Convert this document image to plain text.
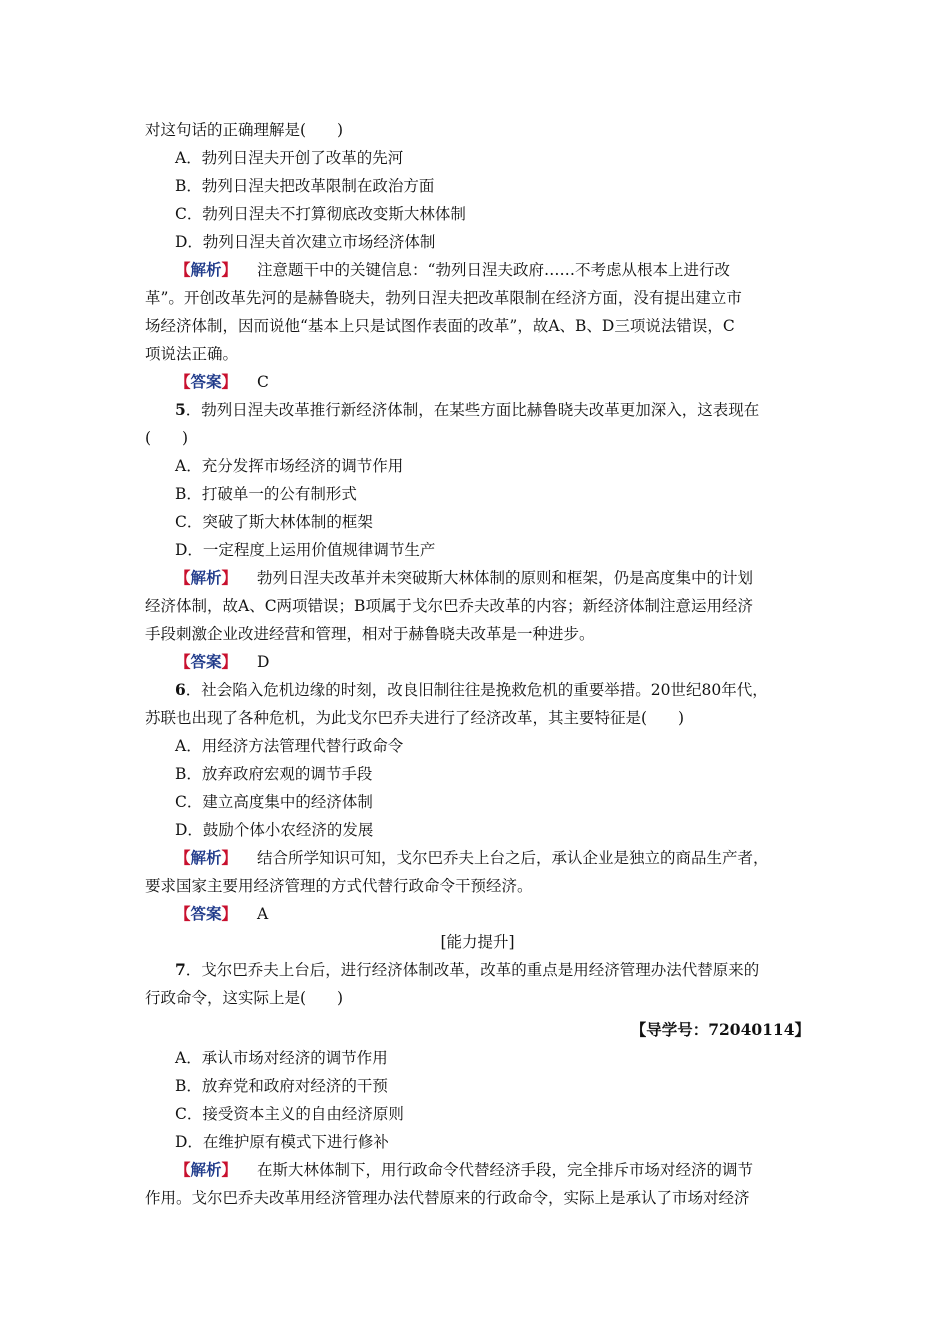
对这句话的正确理解是(　　)
A．勃列日涅夫开创了改革的先河
B．勃列日涅夫把改革限制在政治方面
C．勃列日涅夫不打算彻底改变斯大林体制
D．勃列日涅夫首次建立市场经济体制
【解析】 注意题干中的关键信息：“勃列日涅夫政府……不考虑从根本上进行改
革”。开创改革先河的是赫鲁晓夫，勃列日涅夫把改革限制在经济方面，没有提出建立市
场经济体制，因而说他“基本上只是试图作表面的改革”，故A、B、D三项说法错误，C
项说法正确。
【答案】 C
5．勃列日涅夫改革推行新经济体制，在某些方面比赫鲁晓夫改革更加深入，这表现在
(　　)
A．充分发挥市场经济的调节作用
B．打破单一的公有制形式
C．突破了斯大林体制的框架
D．一定程度上运用价值规律调节生产
【解析】 勃列日涅夫改革并未突破斯大林体制的原则和框架，仍是高度集中的计划
经济体制，故A、C两项错误；B项属于戈尔巴乔夫改革的内容；新经济体制注意运用经济
手段刺激企业改进经营和管理，相对于赫鲁晓夫改革是一种进步。
【答案】 D
6．社会陷入危机边缘的时刻，改良旧制往往是挽救危机的重要举措。20世纪80年代，
苏联也出现了各种危机，为此戈尔巴乔夫进行了经济改革，其主要特征是(　　)
A．用经济方法管理代替行政命令
B．放弃政府宏观的调节手段
C．建立高度集中的经济体制
D．鼓励个体小农经济的发展
【解析】 结合所学知识可知，戈尔巴乔夫上台之后，承认企业是独立的商品生产者，
要求国家主要用经济管理的方式代替行政命令干预经济。
【答案】 A
[能力提升]
7．戈尔巴乔夫上台后，进行经济体制改革，改革的重点是用经济管理办法代替原来的
行政命令，这实际上是(　　)
【导学号：72040114】
A．承认市场对经济的调节作用
B．放弃党和政府对经济的干预
C．接受资本主义的自由经济原则
D．在维护原有模式下进行修补
【解析】 在斯大林体制下，用行政命令代替经济手段，完全排斥市场对经济的调节
作用。戈尔巴乔夫改革用经济管理办法代替原来的行政命令，实际上是承认了市场对经济
